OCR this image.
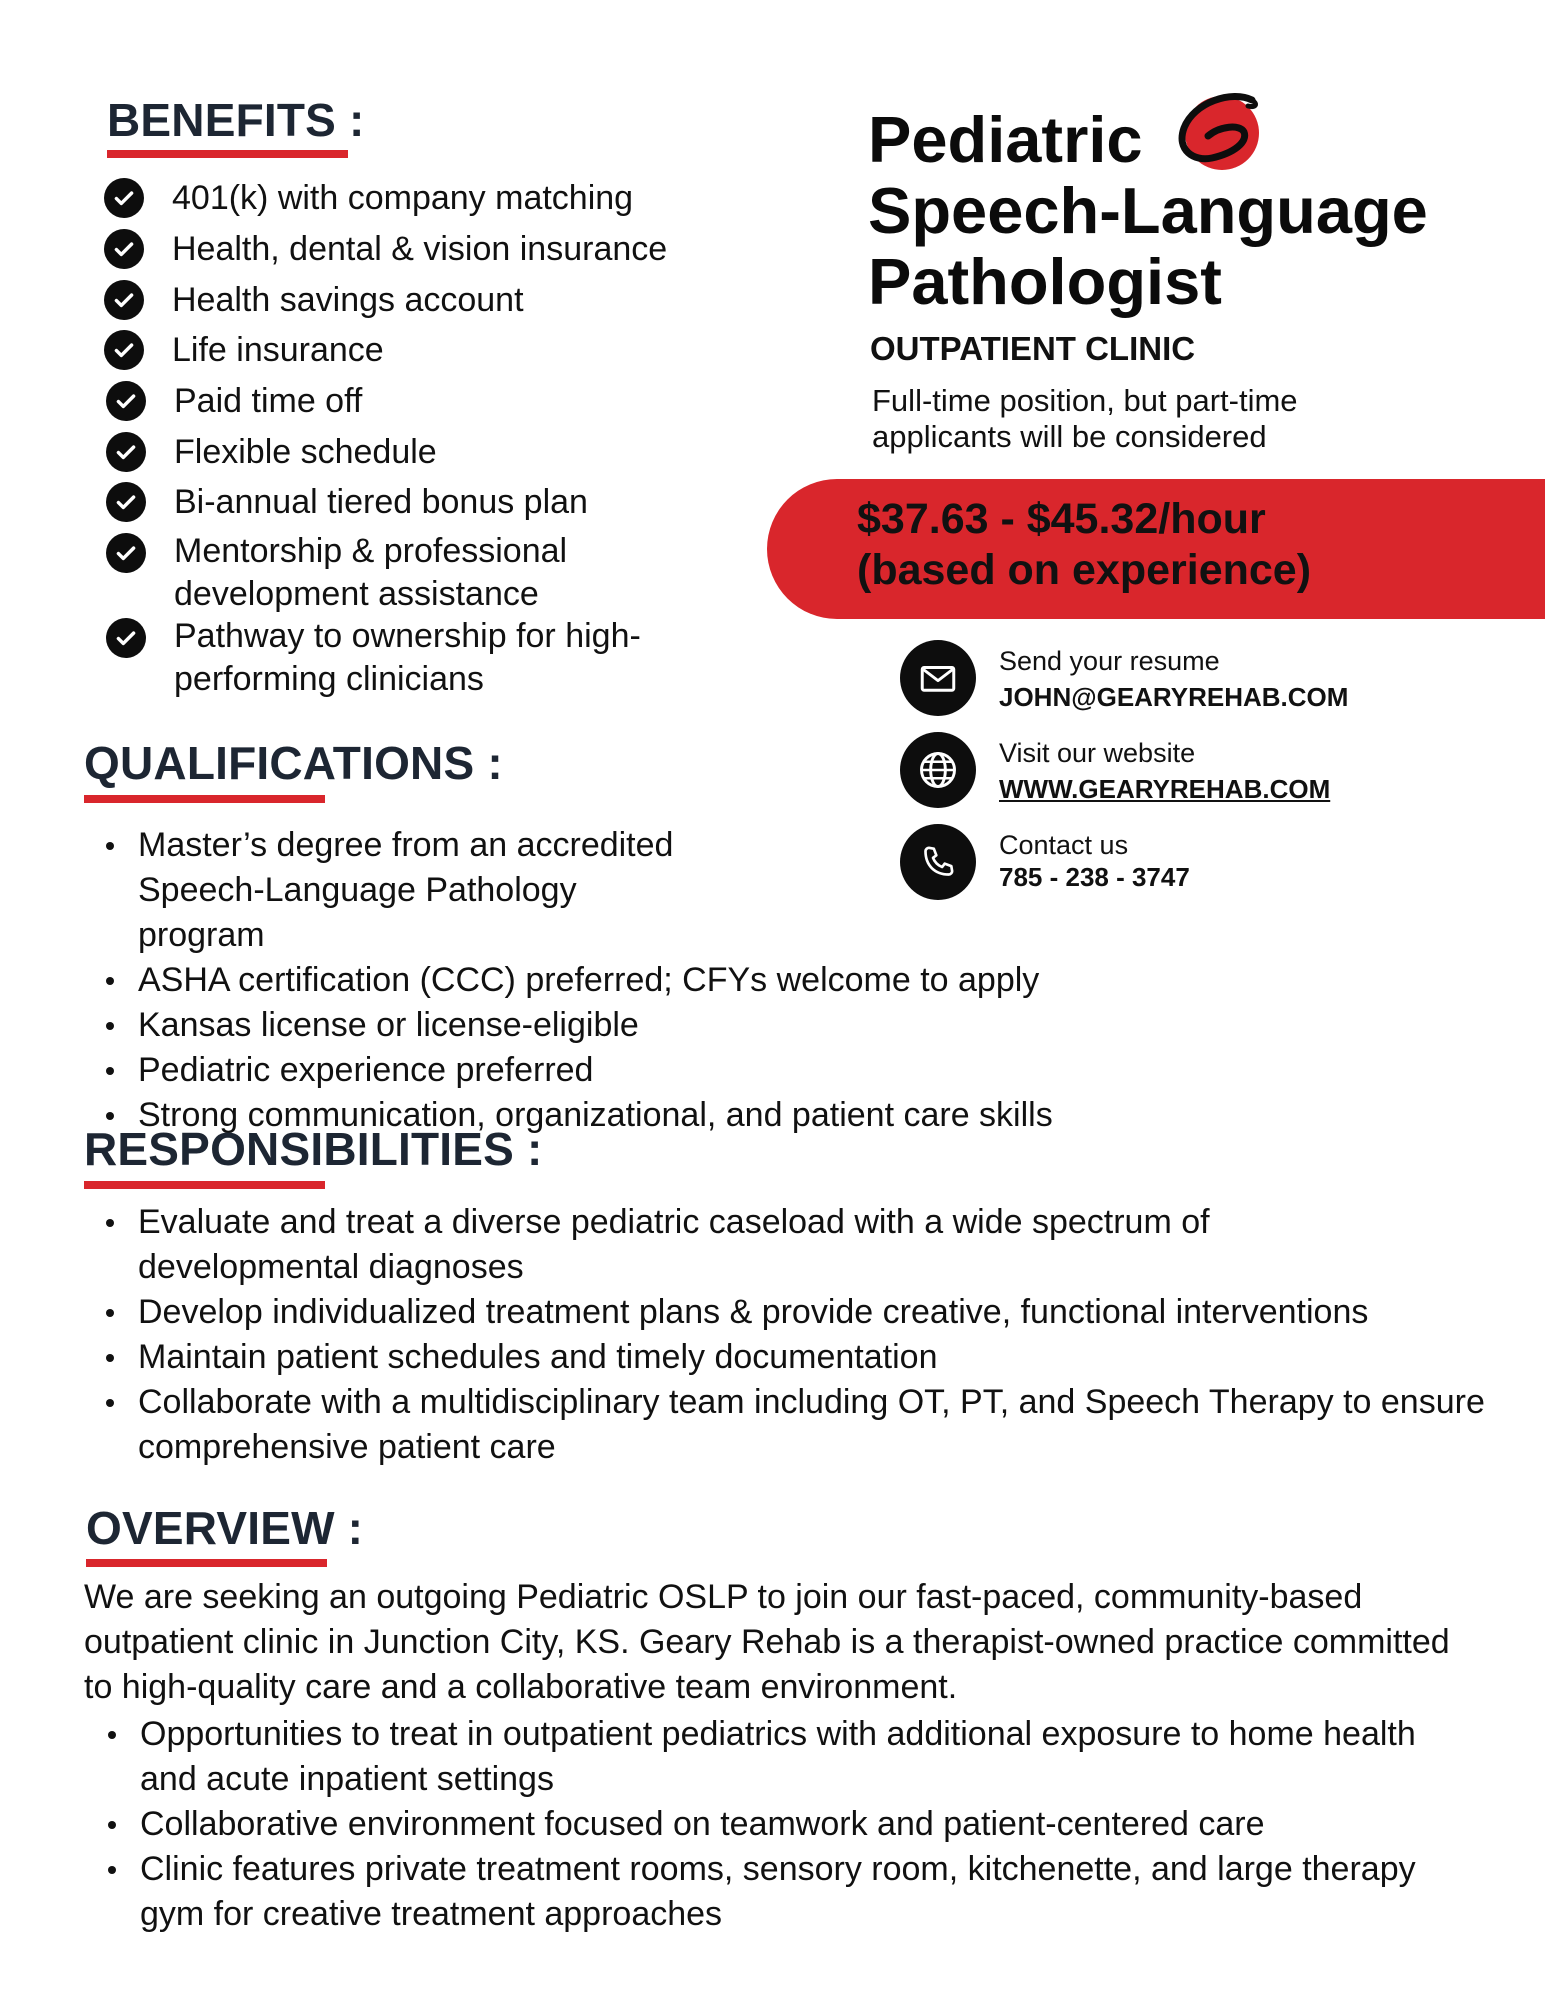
BENEFITS :
401(k) with company matching
Health, dental & vision insurance
Health savings account
Life insurance
Paid time off
Flexible schedule
Bi-annual tiered bonus plan
Mentorship & professional development assistance
Pathway to ownership for high-performing clinicians
Pediatric
Speech-Language
Pathologist
OUTPATIENT CLINIC
Full-time position, but part-time applicants will be considered
$37.63 - $45.32/hour
(based on experience)
Send your resume
JOHN@GEARYREHAB.COM
Visit our website
WWW.GEARYREHAB.COM
Contact us
785 - 238 - 3747
QUALIFICATIONS :
Master’s degree from an accredited Speech-Language Pathology program
ASHA certification (CCC) preferred; CFYs welcome to apply
Kansas license or license-eligible
Pediatric experience preferred
Strong communication, organizational, and patient care skills
RESPONSIBILITIES :
Evaluate and treat a diverse pediatric caseload with a wide spectrum of developmental diagnoses
Develop individualized treatment plans & provide creative, functional interventions
Maintain patient schedules and timely documentation
Collaborate with a multidisciplinary team including OT, PT, and Speech Therapy to ensure comprehensive patient care
OVERVIEW :

We are seeking an outgoing Pediatric OSLP to join our fast-paced, community-based outpatient clinic in Junction City, KS. Geary Rehab is a therapist-owned practice committed to high-quality care and a collaborative team environment.

Opportunities to treat in outpatient pediatrics with additional exposure to home health and acute inpatient settings
Collaborative environment focused on teamwork and patient-centered care
Clinic features private treatment rooms, sensory room, kitchenette, and large therapy gym for creative treatment approaches
